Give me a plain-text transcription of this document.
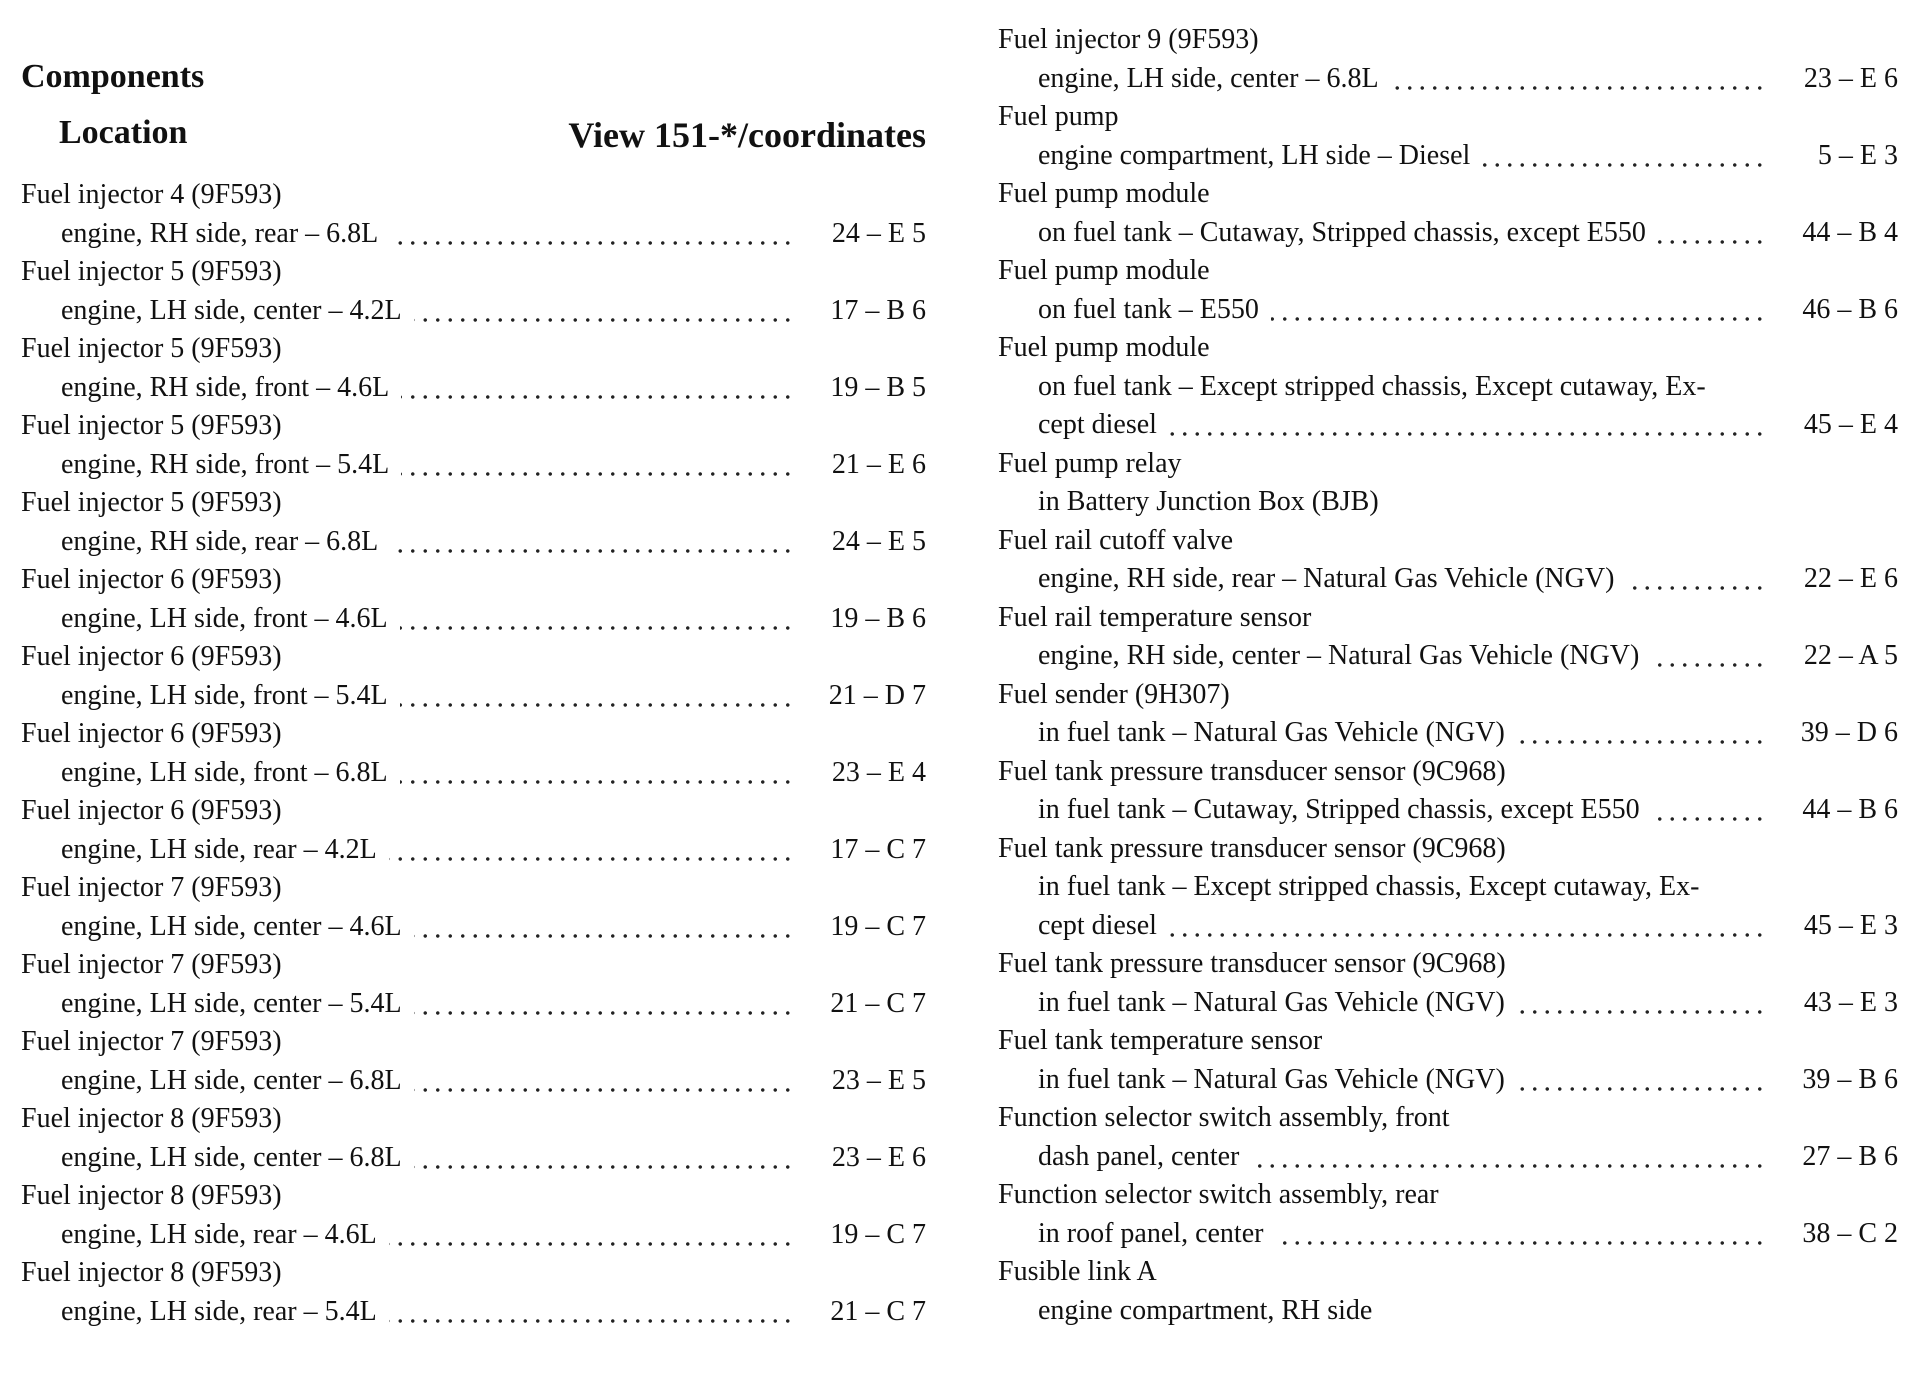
Components
Location	View 151-*/coordinates
Fuel injector 4 (9F593)
engine, RH side, rear – 6.8L	24 – E 5
Fuel injector 5 (9F593)
engine, LH side, center – 4.2L	17 – B 6
Fuel injector 5 (9F593)
engine, RH side, front – 4.6L	19 – B 5
Fuel injector 5 (9F593)
engine, RH side, front – 5.4L	21 – E 6
Fuel injector 5 (9F593)
engine, RH side, rear – 6.8L	24 – E 5
Fuel injector 6 (9F593)
engine, LH side, front – 4.6L	19 – B 6
Fuel injector 6 (9F593)
engine, LH side, front – 5.4L	21 – D 7
Fuel injector 6 (9F593)
engine, LH side, front – 6.8L	23 – E 4
Fuel injector 6 (9F593)
engine, LH side, rear – 4.2L	17 – C 7
Fuel injector 7 (9F593)
engine, LH side, center – 4.6L	19 – C 7
Fuel injector 7 (9F593)
engine, LH side, center – 5.4L	21 – C 7
Fuel injector 7 (9F593)
engine, LH side, center – 6.8L	23 – E 5
Fuel injector 8 (9F593)
engine, LH side, center – 6.8L	23 – E 6
Fuel injector 8 (9F593)
engine, LH side, rear – 4.6L	19 – C 7
Fuel injector 8 (9F593)
engine, LH side, rear – 5.4L	21 – C 7
Fuel injector 9 (9F593)
engine, LH side, center – 6.8L	23 – E 6
Fuel pump
engine compartment, LH side – Diesel	5 – E 3
Fuel pump module
on fuel tank – Cutaway, Stripped chassis, except E550	44 – B 4
Fuel pump module
on fuel tank – E550	46 – B 6
Fuel pump module
on fuel tank – Except stripped chassis, Except cutaway, Ex-
cept diesel	45 – E 4
Fuel pump relay
in Battery Junction Box (BJB)
Fuel rail cutoff valve
engine, RH side, rear – Natural Gas Vehicle (NGV)	22 – E 6
Fuel rail temperature sensor
engine, RH side, center – Natural Gas Vehicle (NGV)	22 – A 5
Fuel sender (9H307)
in fuel tank – Natural Gas Vehicle (NGV)	39 – D 6
Fuel tank pressure transducer sensor (9C968)
in fuel tank – Cutaway, Stripped chassis, except E550	44 – B 6
Fuel tank pressure transducer sensor (9C968)
in fuel tank – Except stripped chassis, Except cutaway, Ex-
cept diesel	45 – E 3
Fuel tank pressure transducer sensor (9C968)
in fuel tank – Natural Gas Vehicle (NGV)	43 – E 3
Fuel tank temperature sensor
in fuel tank – Natural Gas Vehicle (NGV)	39 – B 6
Function selector switch assembly, front
dash panel, center	27 – B 6
Function selector switch assembly, rear
in roof panel, center	38 – C 2
Fusible link A
engine compartment, RH side
